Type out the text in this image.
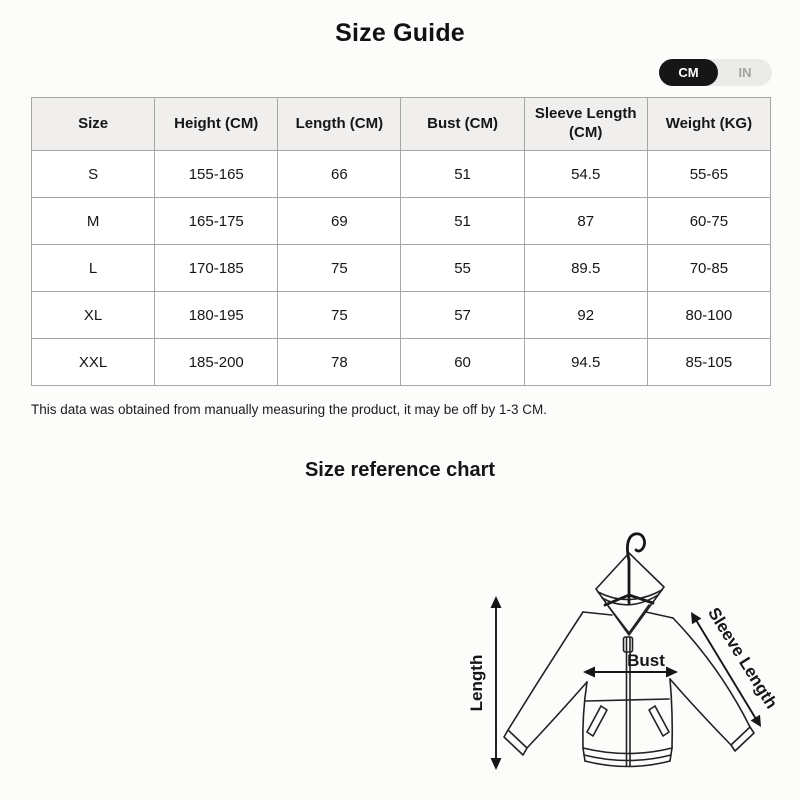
Size Guide
CM	IN
Size	Height (CM)	Length (CM)	Bust (CM)	Sleeve Length (CM)	Weight (KG)
S	155-165	66	51	54.5	55-65
M	165-175	69	51	87	60-75
L	170-185	75	55	89.5	70-85
XL	180-195	75	57	92	80-100
XXL	185-200	78	60	94.5	85-105

This data was obtained from manually measuring the product, it may be off by 1-3 CM.

Size reference chart
Length	Bust Sleeve Length
